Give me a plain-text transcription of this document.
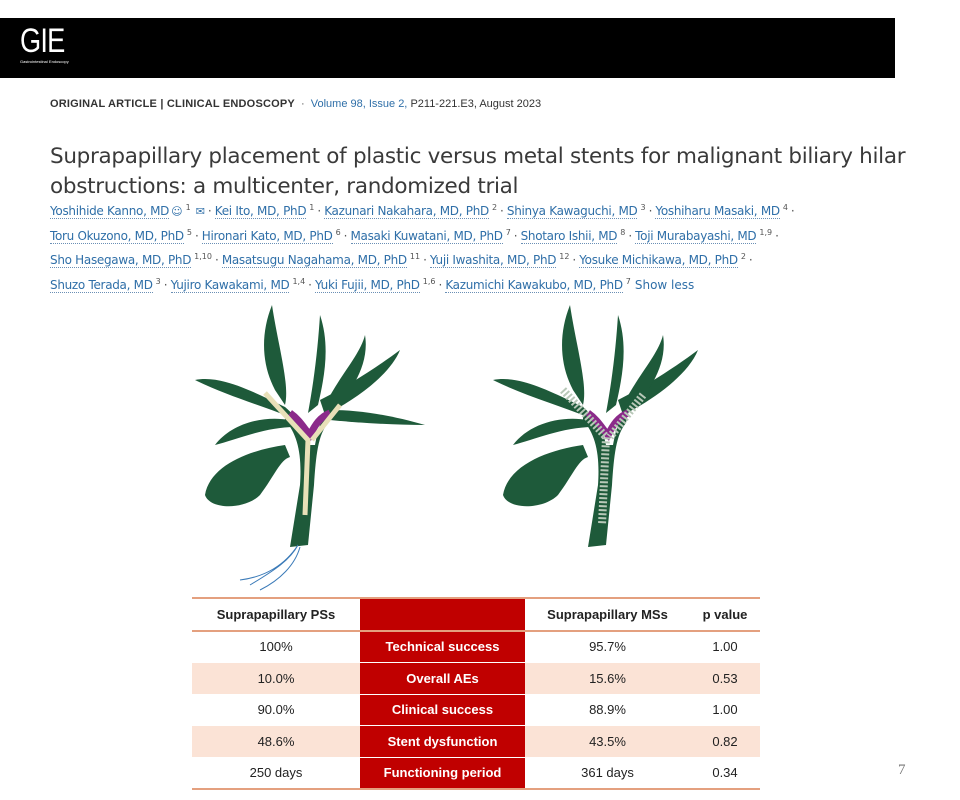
GIE
Gastrointestinal Endoscopy
ORIGINAL ARTICLE | CLINICAL ENDOSCOPY · Volume 98, Issue 2, P211-221.E3, August 2023
Suprapapillary placement of plastic versus metal stents for malignant biliary hilar obstructions: a multicenter, randomized trial
Yoshihide Kanno, MD ☺ $^1$ ✉ · Kei Ito, MD, PhD $^1$ · Kazunari Nakahara, MD, PhD $^2$ · Shinya Kawaguchi, MD $^3$ · Yoshiharu Masaki, MD $^4$ ·
Toru Okuzono, MD, PhD $^5$ · Hironari Kato, MD, PhD $^6$ · Masaki Kuwatani, MD, PhD $^7$ · Shotaro Ishii, MD $^8$ · Toji Murabayashi, MD $^{1,9}$ ·
Sho Hasegawa, MD, PhD $^{1,10}$ · Masatsugu Nagahama, MD, PhD $^{11}$ · Yuji Iwashita, MD, PhD $^{12}$ · Yosuke Michikawa, MD, PhD $^2$ ·
Shuzo Terada, MD $^3$ · Yujiro Kawakami, MD $^{1,4}$ · Yuki Fujii, MD, PhD $^{1,6}$ · Kazumichi Kawakubo, MD, PhD $^7$ Show less
Suprapapillary PSs		Suprapapillary MSs	p value
100%	Technical success	95.7%	1.00
10.0%	Overall AEs	15.6%	0.53
90.0%	Clinical success	88.9%	1.00
48.6%	Stent dysfunction	43.5%	0.82
250 days	Functioning period	361 days	0.34	7
